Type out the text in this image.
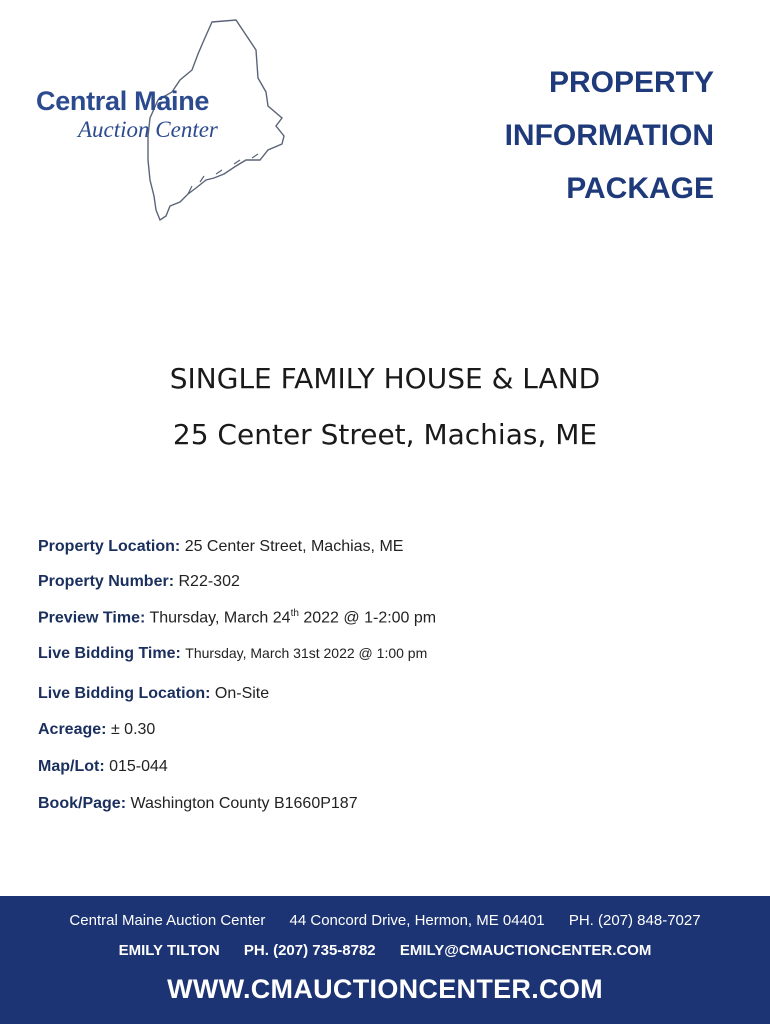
Central Maine
Auction Center
PROPERTY
INFORMATION
PACKAGE
SINGLE FAMILY HOUSE & LAND
25 Center Street, Machias, ME
Property Location: 25 Center Street, Machias, ME
Property Number: R22-302
Preview Time: Thursday, March 24th 2022 @ 1-2:00 pm
Live Bidding Time: Thursday, March 31st 2022 @ 1:00 pm
Live Bidding Location: On-Site
Acreage: ± 0.30
Map/Lot: 015-044
Book/Page: Washington County B1660P187
Central Maine Auction Center 44 Concord Drive, Hermon, ME 04401 PH. (207) 848-7027
EMILY TILTON PH. (207) 735-8782 EMILY@CMAUCTIONCENTER.COM
WWW.CMAUCTIONCENTER.COM
